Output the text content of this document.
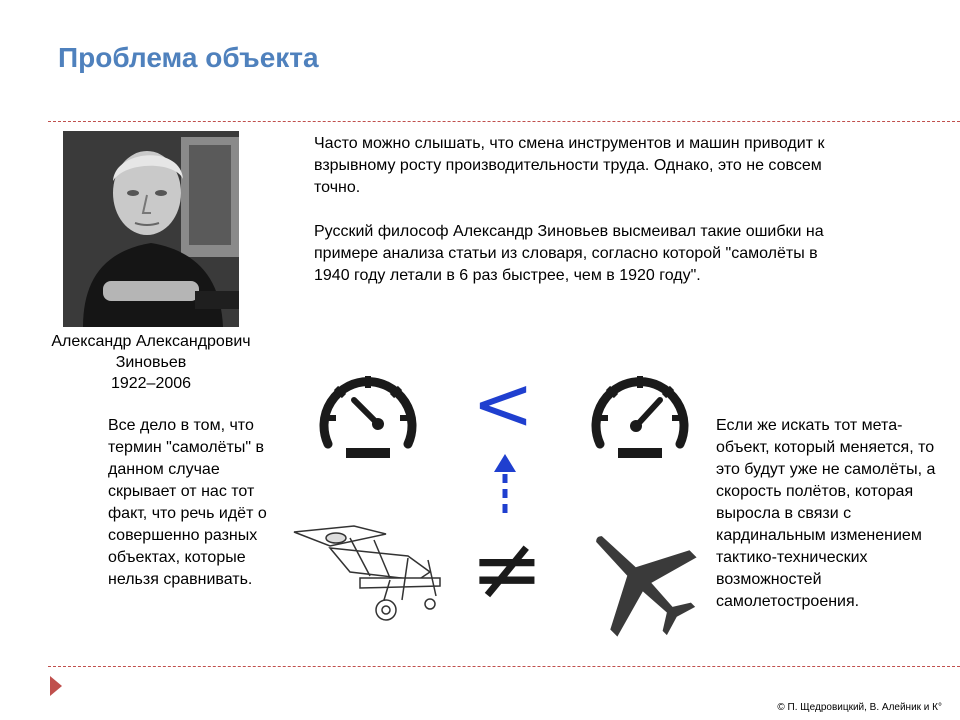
Проблема объекта
Александр Александрович
Зиновьев
1922–2006

Часто можно слышать, что смена инструментов и машин приводит к взрывному росту производительности труда. Однако, это не совсем точно.

Русский философ Александр Зиновьев высмеивал такие ошибки на примере анализа статьи из словаря, согласно которой "самолёты в 1940 году летали в 6 раз быстрее, чем в 1920 году".

Все дело в том, что термин "самолёты" в данном случае скрывает от нас тот факт, что речь идёт о совершенно разных объектах, которые нельзя сравнивать.
Если же искать тот мета-объект, который меняется, то это будут уже не самолёты, а скорость полётов, которая выросла в связи с кардинальным изменением тактико-технических возможностей самолетостроения.
<
≠
© П. Щедровицкий, В. Алейник и К°
